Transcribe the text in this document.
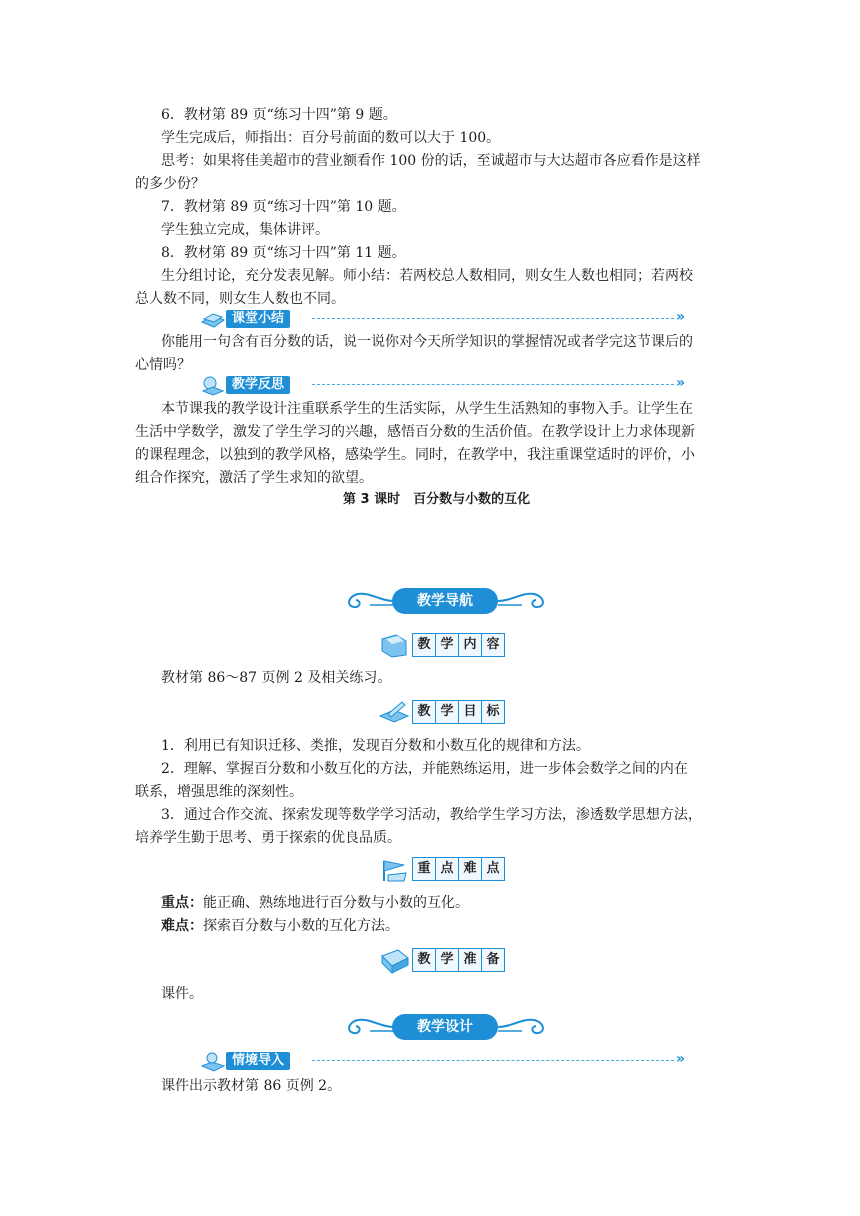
6．教材第 89 页“练习十四”第 9 题。
学生完成后，师指出：百分号前面的数可以大于 100。
思考：如果将佳美超市的营业额看作 100 份的话，至诚超市与大达超市各应看作是这样
的多少份？
7．教材第 89 页“练习十四”第 10 题。
学生独立完成，集体讲评。
8．教材第 89 页“练习十四”第 11 题。
生分组讨论，充分发表见解。师小结：若两校总人数相同，则女生人数也相同；若两校
总人数不同，则女生人数也不同。
课堂小结	»
你能用一句含有百分数的话，说一说你对今天所学知识的掌握情况或者学完这节课后的
心情吗？
教学反思	»
本节课我的教学设计注重联系学生的生活实际，从学生生活熟知的事物入手。让学生在
生活中学数学，激发了学生学习的兴趣，感悟百分数的生活价值。在教学设计上力求体现新
的课程理念，以独到的教学风格，感染学生。同时，在教学中，我注重课堂适时的评价，小
组合作探究，激活了学生求知的欲望。
第 3 课时　百分数与小数的互化
教学导航
教 学 内 容
教材第 86～87 页例 2 及相关练习。
教 学 目 标
1．利用已有知识迁移、类推，发现百分数和小数互化的规律和方法。
2．理解、掌握百分数和小数互化的方法，并能熟练运用，进一步体会数学之间的内在
联系，增强思维的深刻性。
3．通过合作交流、探索发现等数学学习活动，教给学生学习方法，渗透数学思想方法，
培养学生勤于思考、勇于探索的优良品质。
重 点 难 点
重点：能正确、熟练地进行百分数与小数的互化。
难点：探索百分数与小数的互化方法。
教 学 准 备
课件。
教学设计
情境导入	»
课件出示教材第 86 页例 2。
